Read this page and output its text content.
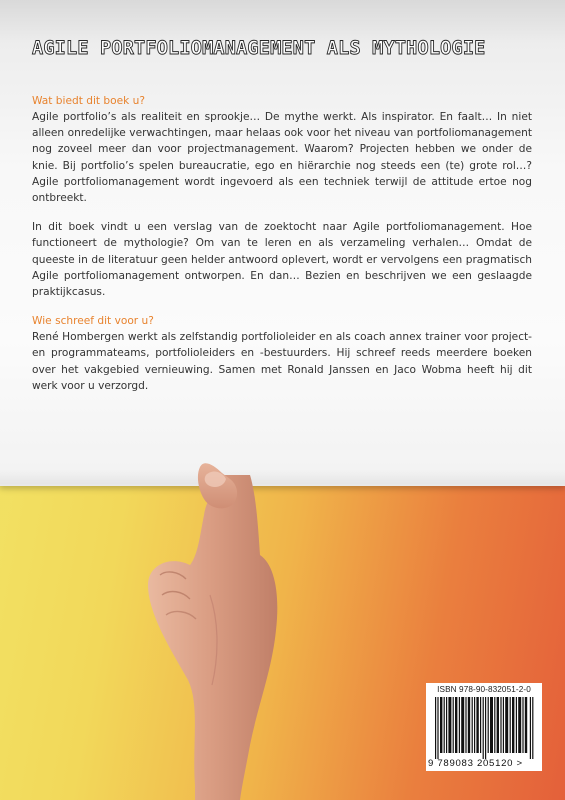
AGILE PORTFOLIOMANAGEMENT ALS MYTHOLOGIE
Wat biedt dit boek u?

Agile portfolio’s als realiteit en sprookje… De mythe werkt. Als inspirator. En faalt… In niet alleen onredelijke verwachtingen, maar helaas ook voor het niveau van portfoliomanagement nog zoveel meer dan voor projectmanagement. Waarom? Projecten hebben we onder de knie. Bij portfolio’s spelen bureaucratie, ego en hiërarchie nog steeds een (te) grote rol…? Agile portfoliomanagement wordt ingevoerd als een techniek terwijl de attitude ertoe nog ontbreekt.

In dit boek vindt u een verslag van de zoektocht naar Agile portfoliomanagement. Hoe functioneert de mythologie? Om van te leren en als verzameling verhalen… Omdat de queeste in de literatuur geen helder antwoord oplevert, wordt er vervolgens een pragmatisch Agile portfoliomanagement ontworpen. En dan… Bezien en beschrijven we een geslaagde praktijkcasus.

Wie schreef dit voor u?

René Hombergen werkt als zelfstandig portfolioleider en als coach annex trainer voor project- en programmateams, portfolioleiders en -bestuurders. Hij schreef reeds meerdere boeken over het vakgebied vernieuwing. Samen met Ronald Janssen en Jaco Wobma heeft hij dit werk voor u verzorgd.

ISBN 978-90-832051-2-0
9 789083 205120 >
